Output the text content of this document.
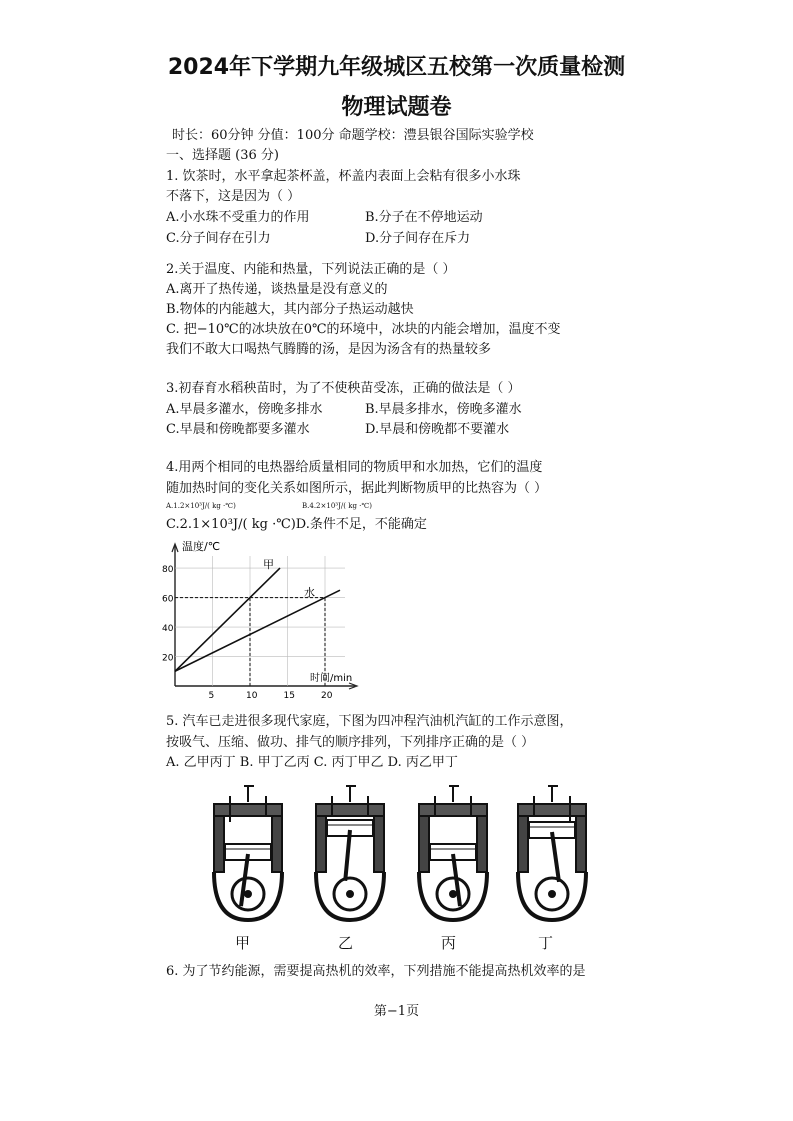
2024年下学期九年级城区五校第一次质量检测
物理试题卷
时长：60分钟 分值：100分 命题学校：澧县银谷国际实验学校
一、选择题 (36 分)
1. 饮茶时，水平拿起茶杯盖，杯盖内表面上会粘有很多小水珠
不落下，这是因为（ ）
A.小水珠不受重力的作用	B.分子在不停地运动
C.分子间存在引力	D.分子间存在斥力
2.关于温度、内能和热量，下列说法正确的是（ ）
A.离开了热传递，谈热量是没有意义的
B.物体的内能越大，其内部分子热运动越快
C. 把−10℃的冰块放在0℃的环境中，冰块的内能会增加，温度不变
我们不敢大口喝热气腾腾的汤，是因为汤含有的热量较多
3.初春育水稻秧苗时，为了不使秧苗受冻，正确的做法是（ ）
A.早晨多灌水，傍晚多排水	B.早晨多排水，傍晚多灌水
C.早晨和傍晚都要多灌水	D.早晨和傍晚都不要灌水
4.用两个相同的电热器给质量相同的物质甲和水加热，它们的温度
随加热时间的变化关系如图所示，据此判断物质甲的比热容为（ ）
A.1.2×10³J/( kg ·℃)	B.4.2×10³J/( kg ·℃)
C.2.1×10³J/( kg ·℃)D.条件不足，不能确定
20
40
60
80
5	10	15	20
温度/℃
时间/min
甲
水
5. 汽车已走进很多现代家庭，下图为四冲程汽油机汽缸的工作示意图，
按吸气、压缩、做功、排气的顺序排列，下列排序正确的是（ ）
A. 乙甲丙丁 B. 甲丁乙丙 C. 丙丁甲乙 D. 丙乙甲丁
甲	乙	丙	丁
6. 为了节约能源，需要提高热机的效率，下列措施不能提高热机效率的是
第−1页
